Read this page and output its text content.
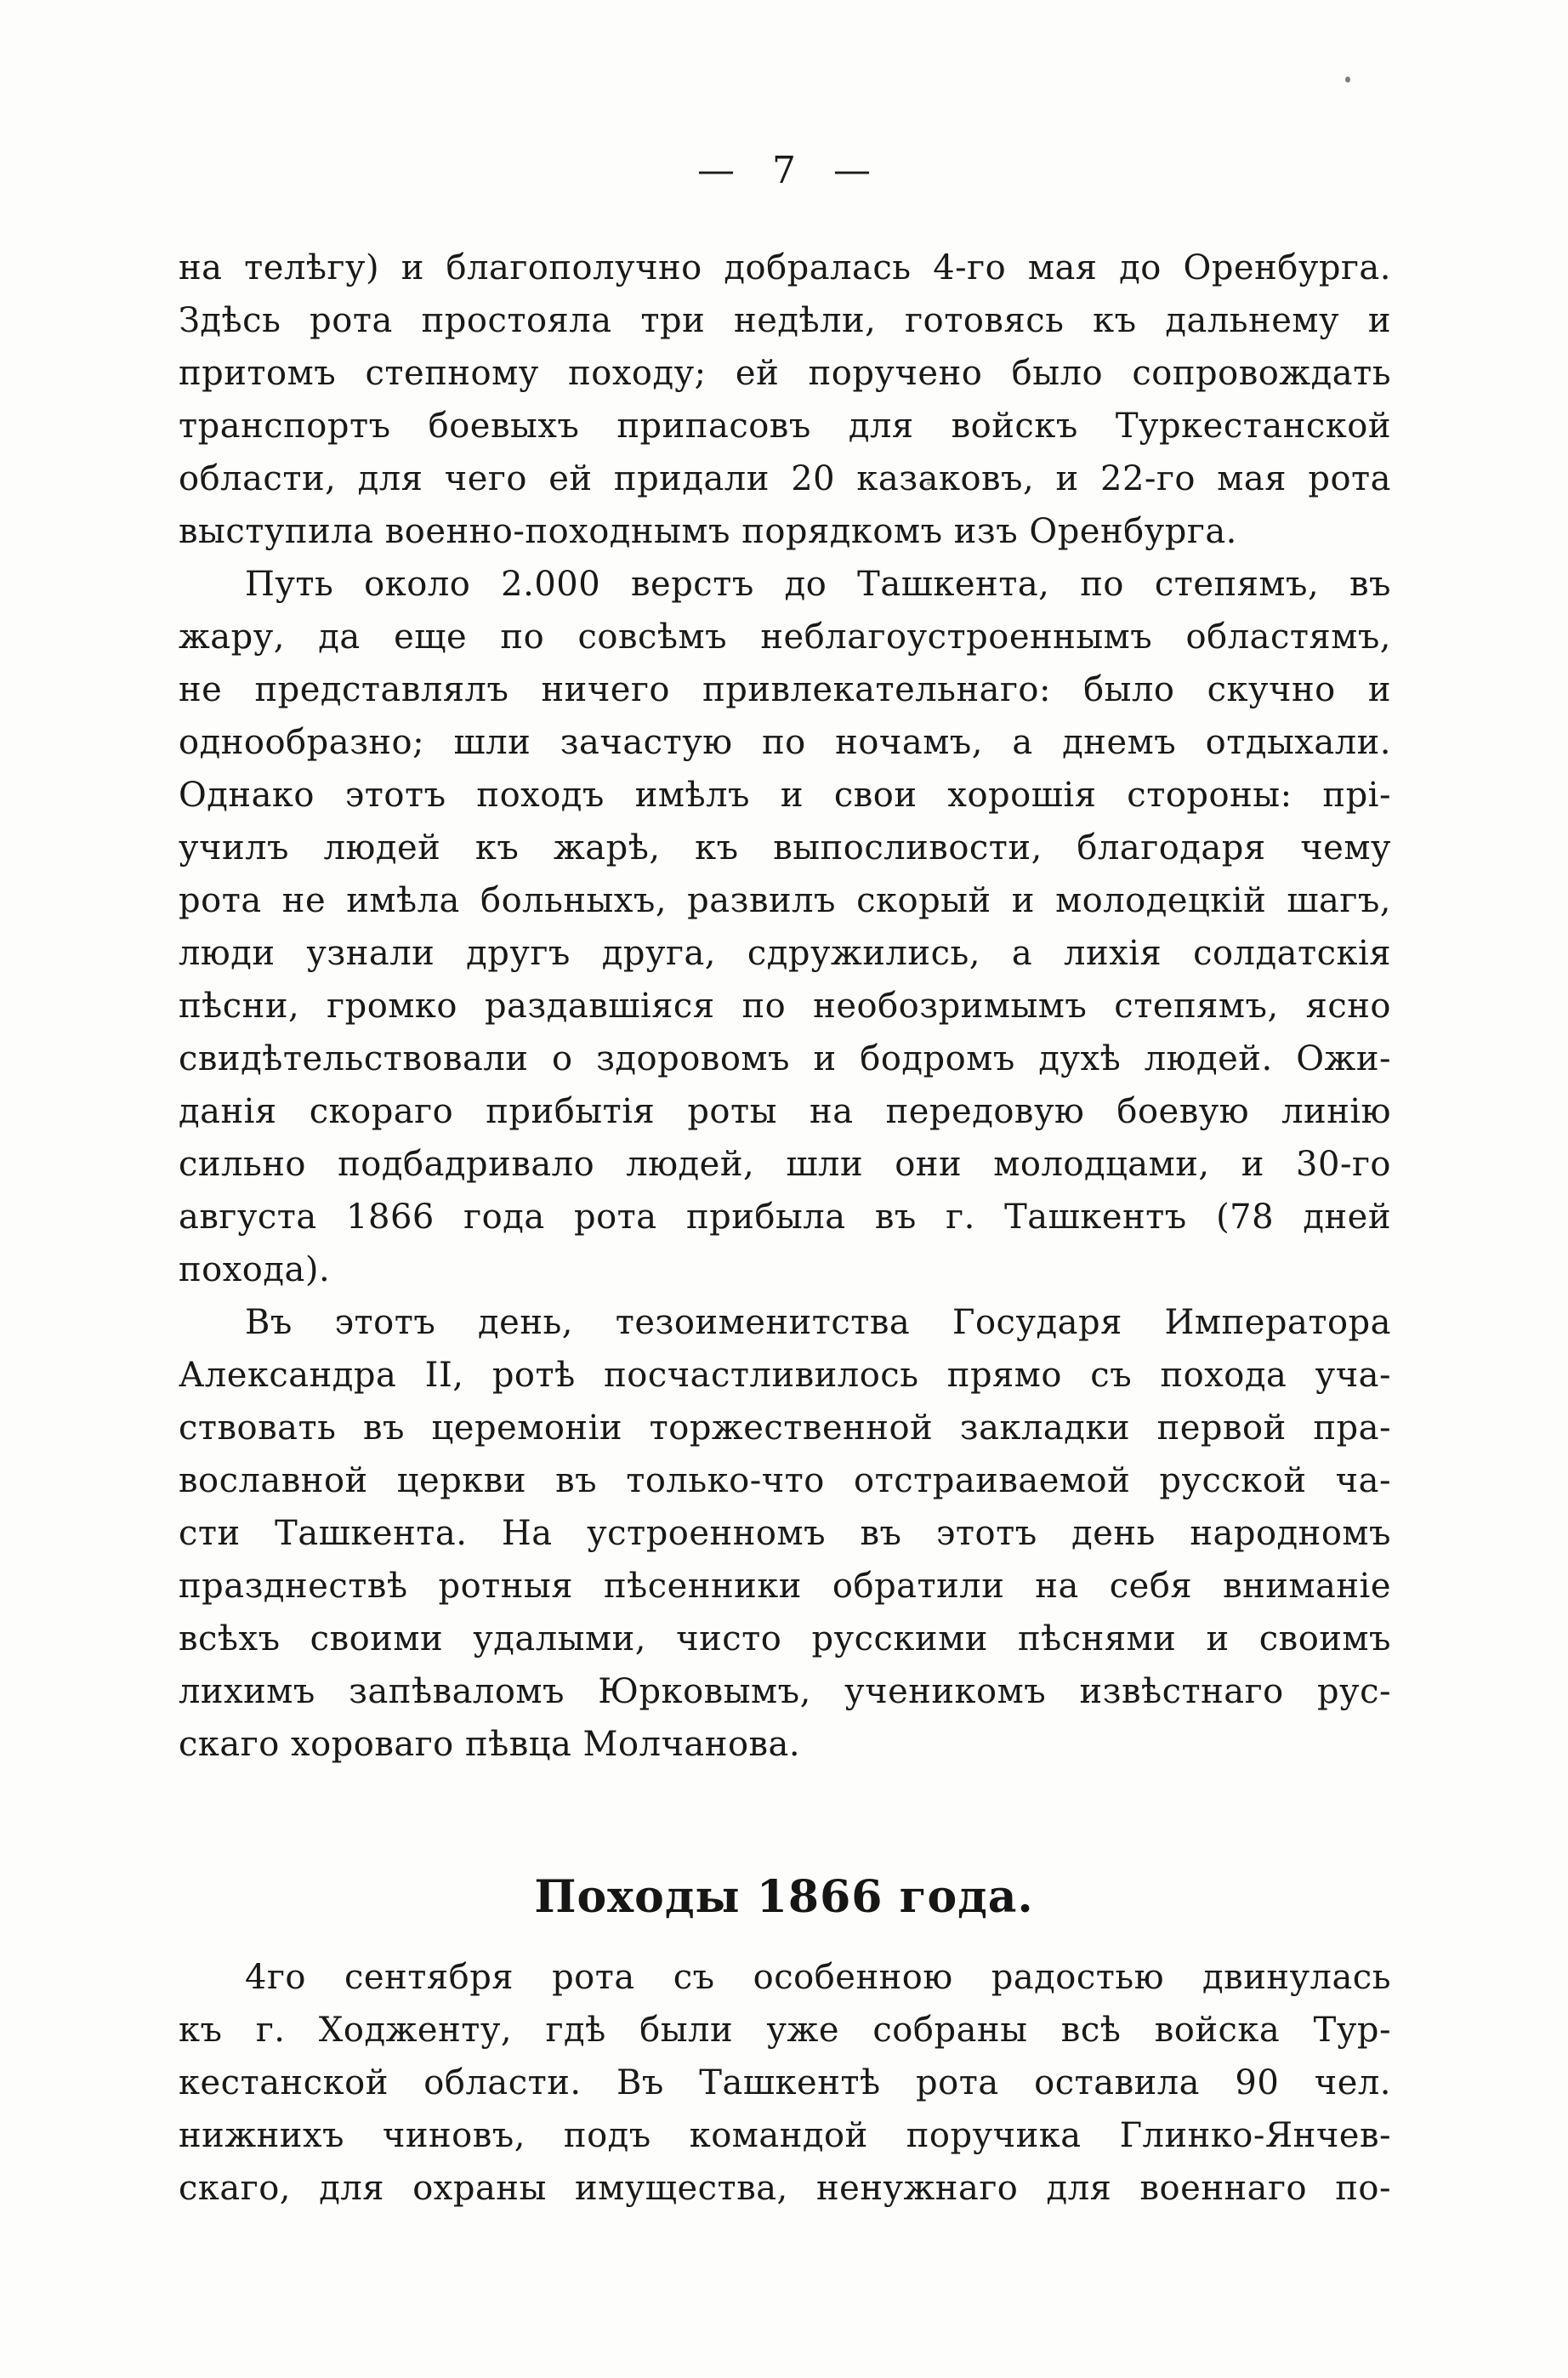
— 7 —
на телѣгу) и благополучно добралась 4-го мая до Оренбурга.
Здѣсь рота простояла три недѣли, готовясь къ дальнему и
притомъ степному походу; ей поручено было сопровождать
транспортъ боевыхъ припасовъ для войскъ Туркестанской
области, для чего ей придали 20 казаковъ, и 22-го мая рота
выступила военно-походнымъ порядкомъ изъ Оренбурга.
Путь около 2.000 верстъ до Ташкента, по степямъ, въ
жару, да еще по совсѣмъ неблагоустроеннымъ областямъ,
не представлялъ ничего привлекательнаго: было скучно и
однообразно; шли зачастую по ночамъ, а днемъ отдыхали.
Однако этотъ походъ имѣлъ и свои хорошія стороны: прі-
училъ людей къ жарѣ, къ выпосливости, благодаря чему
рота не имѣла больныхъ, развилъ скорый и молодецкій шагъ,
люди узнали другъ друга, сдружились, а лихія солдатскія
пѣсни, громко раздавшіяся по необозримымъ степямъ, ясно
свидѣтельствовали о здоровомъ и бодромъ духѣ людей. Ожи-
данія скораго прибытія роты на передовую боевую линію
сильно подбадривало людей, шли они молодцами, и 30-го
августа 1866 года рота прибыла въ г. Ташкентъ (78 дней
похода).
Въ этотъ день, тезоименитства Государя Императора
Александра II, ротѣ посчастливилось прямо съ похода уча-
ствовать въ церемоніи торжественной закладки первой пра-
вославной церкви въ только-что отстраиваемой русской ча-
сти Ташкента. На устроенномъ въ этотъ день народномъ
празднествѣ ротныя пѣсенники обратили на себя вниманіе
всѣхъ своими удалыми, чисто русскими пѣснями и своимъ
лихимъ запѣваломъ Юрковымъ, ученикомъ извѣстнаго рус-
скаго хороваго пѣвца Молчанова.
Походы 1866 года.
4го сентября рота съ особенною радостью двинулась
къ г. Ходженту, гдѣ были уже собраны всѣ войска Тур-
кестанской области. Въ Ташкентѣ рота оставила 90 чел.
нижнихъ чиновъ, подъ командой поручика Глинко-Янчев-
скаго, для охраны имущества, ненужнаго для военнаго по-
